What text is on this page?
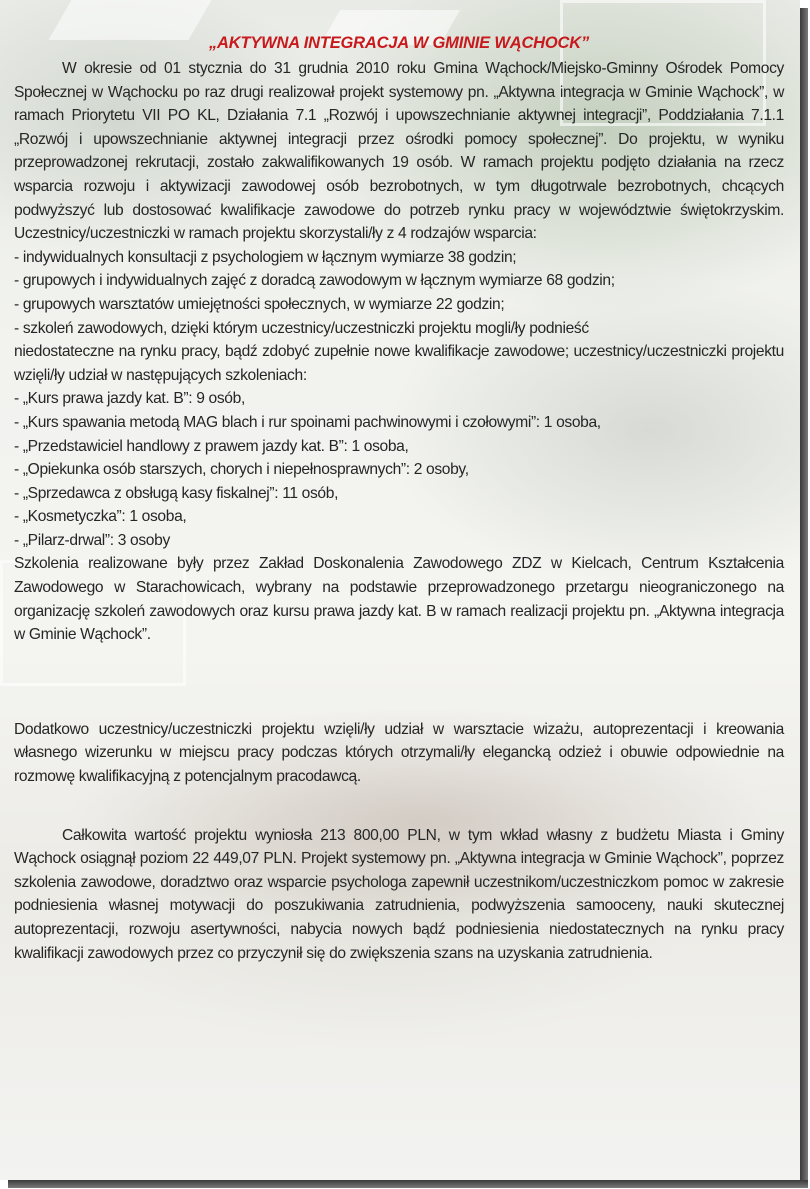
„AKTYWNA INTEGRACJA W GMINIE WĄCHOCK”

W okresie od 01 stycznia do 31 grudnia 2010 roku Gmina Wąchock/Miejsko-Gminny Ośrodek Pomocy Społecznej w Wąchocku po raz drugi realizował projekt systemowy pn. „Aktywna integracja w Gminie Wąchock”, w ramach Priorytetu VII PO KL, Działania 7.1 „Rozwój i upowszechnianie aktywnej integracji”, Poddziałania 7.1.1 „Rozwój i upowszechnianie aktywnej integracji przez ośrodki pomocy społecznej”. Do projektu, w wyniku przeprowadzonej rekrutacji, zostało zakwalifikowanych 19 osób. W ramach projektu podjęto działania na rzecz wsparcia rozwoju i aktywizacji zawodowej osób bezrobotnych, w tym długotrwale bezrobotnych, chcących podwyższyć lub dostosować kwalifikacje zawodowe do potrzeb rynku pracy w województwie świętokrzyskim. Uczestnicy/uczestniczki w ramach projektu skorzystali/ły z 4 rodzajów wsparcia:

- indywidualnych konsultacji z psychologiem w łącznym wymiarze 38 godzin;

- grupowych i indywidualnych zajęć z doradcą zawodowym w łącznym wymiarze 68 godzin;

- grupowych warsztatów umiejętności społecznych, w wymiarze 22 godzin;

- szkoleń zawodowych, dzięki którym uczestnicy/uczestniczki projektu mogli/ły podnieść

niedostateczne na rynku pracy, bądź zdobyć zupełnie nowe kwalifikacje zawodowe; uczestnicy/uczestniczki projektu wzięli/ły udział w następujących szkoleniach:

- „Kurs prawa jazdy kat. B”: 9 osób,

- „Kurs spawania metodą MAG blach i rur spoinami pachwinowymi i czołowymi”: 1 osoba,

- „Przedstawiciel handlowy z prawem jazdy kat. B”: 1 osoba,

- „Opiekunka osób starszych, chorych i niepełnosprawnych”: 2 osoby,

- „Sprzedawca z obsługą kasy fiskalnej”: 11 osób,

- „Kosmetyczka”: 1 osoba,

- „Pilarz-drwal”: 3 osoby

Szkolenia realizowane były przez Zakład Doskonalenia Zawodowego ZDZ w Kielcach, Centrum Kształcenia Zawodowego w Starachowicach, wybrany na podstawie przeprowadzonego przetargu nieograniczonego na organizację szkoleń zawodowych oraz kursu prawa jazdy kat. B w ramach realizacji projektu pn. „Aktywna integracja w Gminie Wąchock”.

Dodatkowo uczestnicy/uczestniczki projektu wzięli/ły udział w warsztacie wizażu, autoprezentacji i kreowania własnego wizerunku w miejscu pracy podczas których otrzymali/ły elegancką odzież i obuwie odpowiednie na rozmowę kwalifikacyjną z potencjalnym pracodawcą.

Całkowita wartość projektu wyniosła 213 800,00 PLN, w tym wkład własny z budżetu Miasta i Gminy Wąchock osiągnął poziom 22 449,07 PLN. Projekt systemowy pn. „Aktywna integracja w Gminie Wąchock”, poprzez szkolenia zawodowe, doradztwo oraz wsparcie psychologa zapewnił uczestnikom/uczestniczkom pomoc w zakresie podniesienia własnej motywacji do poszukiwania zatrudnienia, podwyższenia samooceny, nauki skutecznej autoprezentacji, rozwoju asertywności, nabycia nowych bądź podniesienia niedostatecznych na rynku pracy kwalifikacji zawodowych przez co przyczynił się do zwiększenia szans na uzyskania zatrudnienia.
